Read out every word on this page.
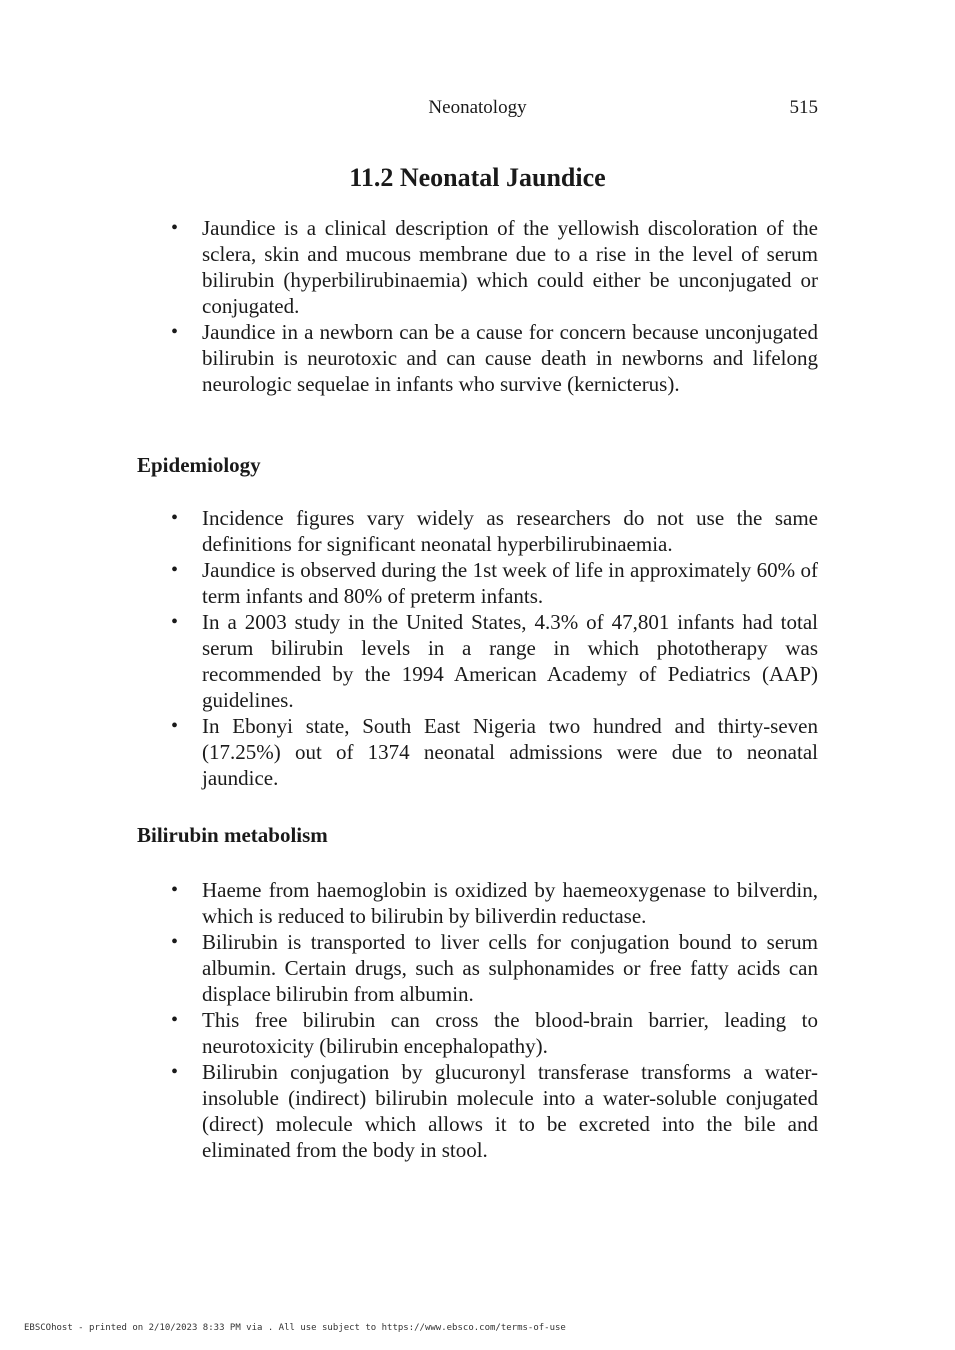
Neonatology	515
11.2 Neonatal Jaundice
• Jaundice is a clinical description of the yellowish discoloration of the sclera, skin and mucous membrane due to a rise in the level of serum bilirubin (hyperbilirubinaemia) which could either be unconjugated or conjugated.
• Jaundice in a newborn can be a cause for concern because unconjugated bilirubin is neurotoxic and can cause death in newborns and lifelong neurologic sequelae in infants who survive (kernicterus).
Epidemiology
• Incidence figures vary widely as researchers do not use the same definitions for significant neonatal hyperbilirubinaemia.
• Jaundice is observed during the 1st week of life in approximately 60% of term infants and 80% of preterm infants.
• In a 2003 study in the United States, 4.3% of 47,801 infants had total serum bilirubin levels in a range in which phototherapy was recommended by the 1994 American Academy of Pediatrics (AAP) guidelines.
• In Ebonyi state, South East Nigeria two hundred and thirty-seven (17.25%) out of 1374 neonatal admissions were due to neonatal jaundice.
Bilirubin metabolism
• Haeme from haemoglobin is oxidized by haemeoxygenase to bilverdin, which is reduced to bilirubin by biliverdin reductase.
• Bilirubin is transported to liver cells for conjugation bound to serum albumin. Certain drugs, such as sulphonamides or free fatty acids can displace bilirubin from albumin.
• This free bilirubin can cross the blood-brain barrier, leading to neurotoxicity (bilirubin encephalopathy).
• Bilirubin conjugation by glucuronyl transferase transforms a water-insoluble (indirect) bilirubin molecule into a water-soluble conjugated (direct) molecule which allows it to be excreted into the bile and eliminated from the body in stool.
EBSCOhost - printed on 2/10/2023 8:33 PM via . All use subject to https://www.ebsco.com/terms-of-use
